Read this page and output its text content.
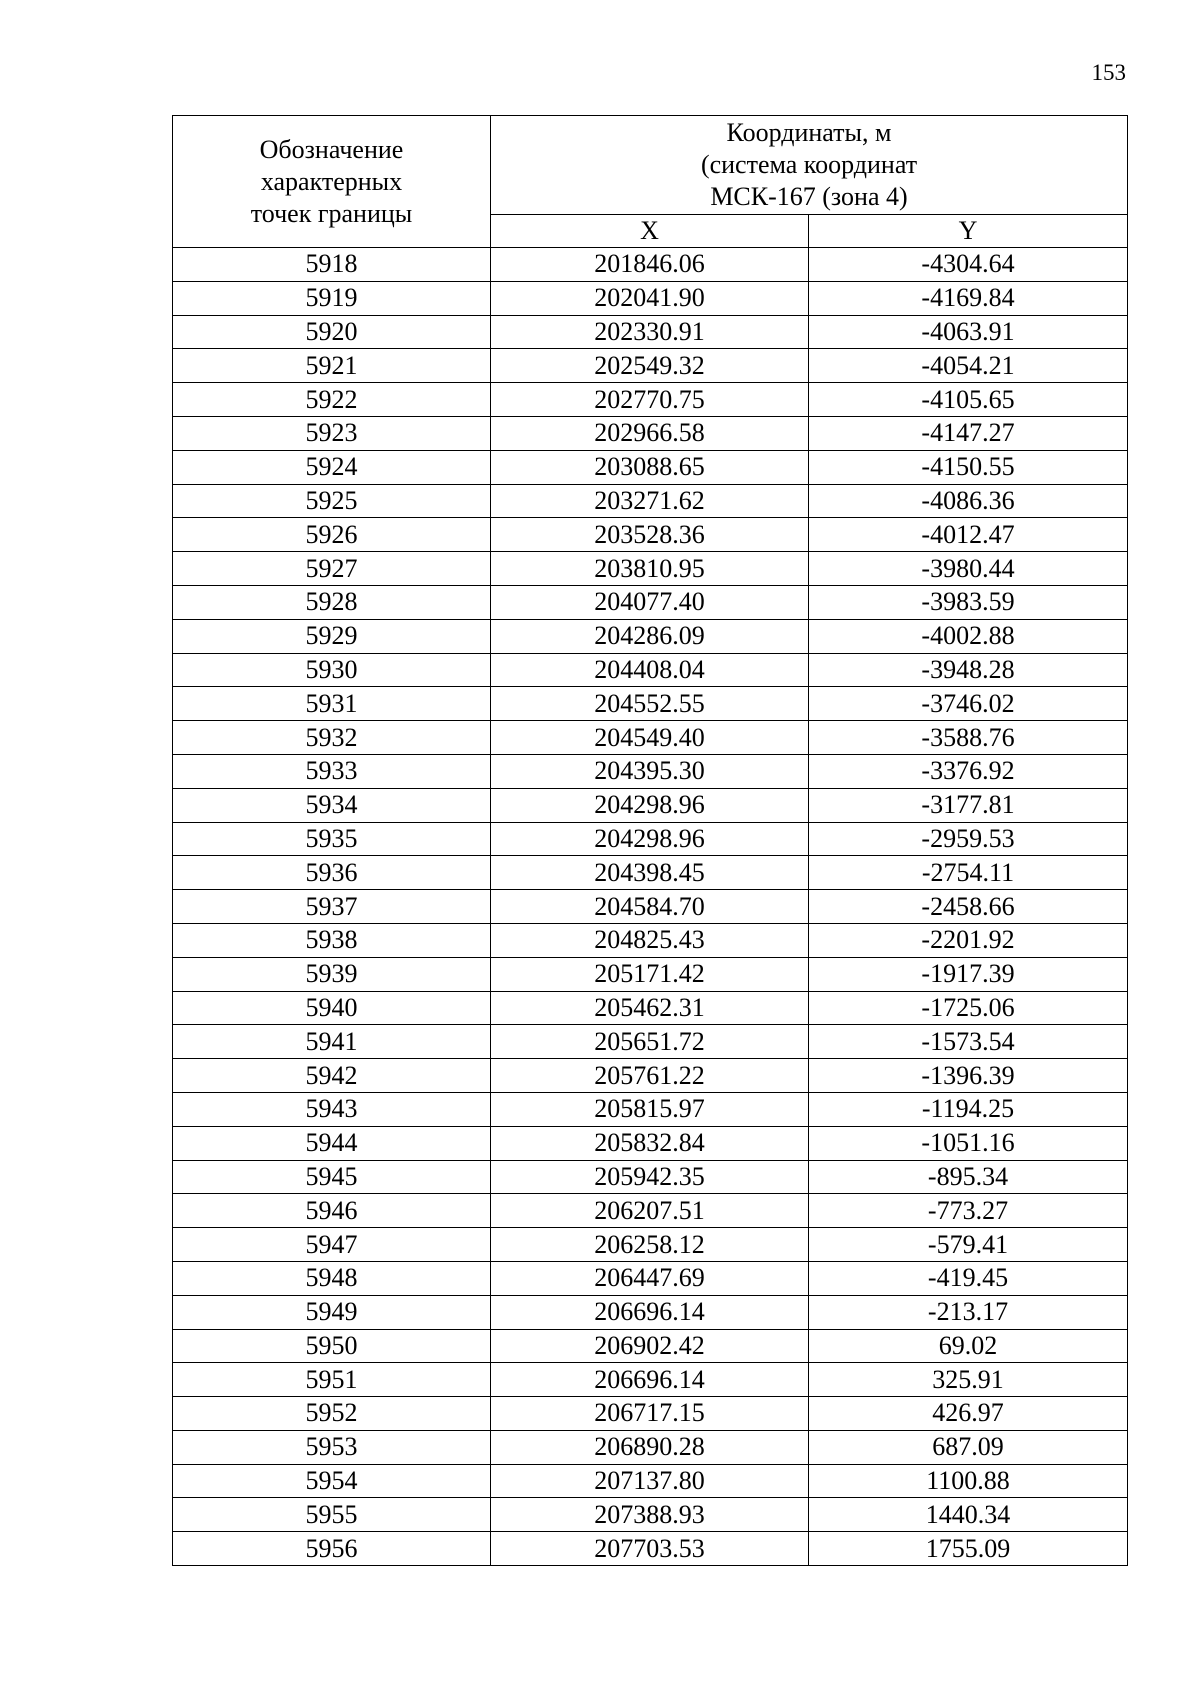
153
Обозначение
характерных
точек границы	Координаты, м
(система координат
МСК-167 (зона 4)	

	X	Y
5918	201846.06	-4304.64
5919	202041.90	-4169.84
5920	202330.91	-4063.91
5921	202549.32	-4054.21
5922	202770.75	-4105.65
5923	202966.58	-4147.27
5924	203088.65	-4150.55
5925	203271.62	-4086.36
5926	203528.36	-4012.47
5927	203810.95	-3980.44
5928	204077.40	-3983.59
5929	204286.09	-4002.88
5930	204408.04	-3948.28
5931	204552.55	-3746.02
5932	204549.40	-3588.76
5933	204395.30	-3376.92
5934	204298.96	-3177.81
5935	204298.96	-2959.53
5936	204398.45	-2754.11
5937	204584.70	-2458.66
5938	204825.43	-2201.92
5939	205171.42	-1917.39
5940	205462.31	-1725.06
5941	205651.72	-1573.54
5942	205761.22	-1396.39
5943	205815.97	-1194.25
5944	205832.84	-1051.16
5945	205942.35	-895.34
5946	206207.51	-773.27
5947	206258.12	-579.41
5948	206447.69	-419.45
5949	206696.14	-213.17
5950	206902.42	69.02
5951	206696.14	325.91
5952	206717.15	426.97
5953	206890.28	687.09
5954	207137.80	1100.88
5955	207388.93	1440.34
5956	207703.53	1755.09
